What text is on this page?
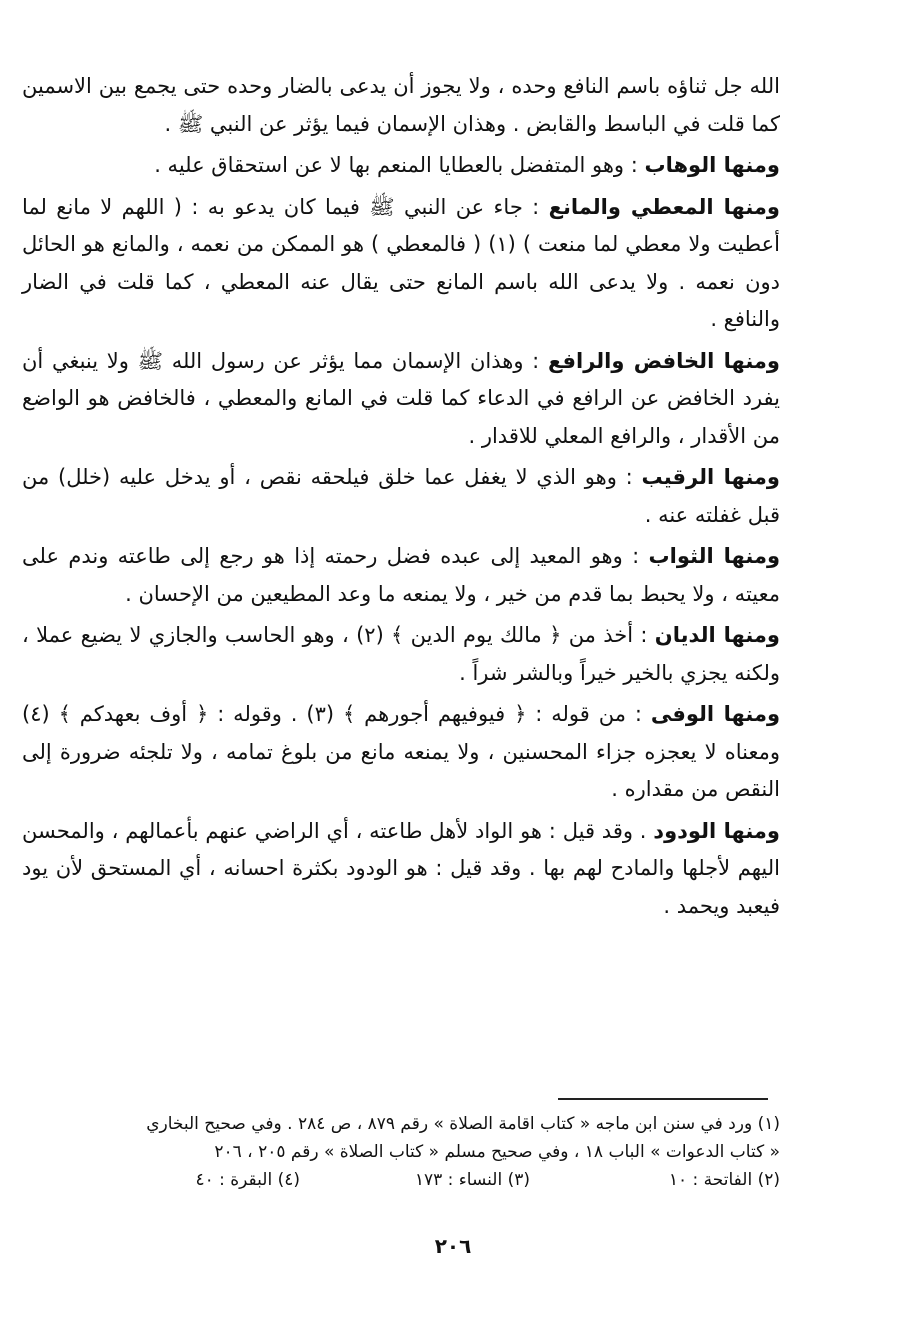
الله جل ثناؤه باسم النافع وحده ، ولا يجوز أن يدعى بالضار وحده حتى يجمع بين الاسمين كما قلت في الباسط والقابض . وهذان الإسمان فيما يؤثر عن النبي ﷺ .

ومنها الوهاب : وهو المتفضل بالعطايا المنعم بها لا عن استحقاق عليه .

ومنها المعطي والمانع : جاء عن النبي ﷺ فيما كان يدعو به : ( اللهم لا مانع لما أعطيت ولا معطي لما منعت ) (١) ( فالمعطي ) هو الممكن من نعمه ، والمانع هو الحائل دون نعمه . ولا يدعى الله باسم المانع حتى يقال عنه المعطي ، كما قلت في الضار والنافع .

ومنها الخافض والرافع : وهذان الإسمان مما يؤثر عن رسول الله ﷺ ولا ينبغي أن يفرد الخافض عن الرافع في الدعاء كما قلت في المانع والمعطي ، فالخافض هو الواضع من الأقدار ، والرافع المعلي للاقدار .

ومنها الرقيب : وهو الذي لا يغفل عما خلق فيلحقه نقص ، أو يدخل عليه (خلل) من قبل غفلته عنه .

ومنها الثواب : وهو المعيد إلى عبده فضل رحمته إذا هو رجع إلى طاعته وندم على معيته ، ولا يحبط بما قدم من خير ، ولا يمنعه ما وعد المطيعين من الإحسان .

ومنها الديان : أخذ من ﴿ مالك يوم الدين ﴾ (٢) ، وهو الحاسب والجازي لا يضيع عملا ، ولكنه يجزي بالخير خيراً وبالشر شراً .

ومنها الوفى : من قوله : ﴿ فيوفيهم أجورهم ﴾ (٣) . وقوله : ﴿ أوف بعهدكم ﴾ (٤) ومعناه لا يعجزه جزاء المحسنين ، ولا يمنعه مانع من بلوغ تمامه ، ولا تلجئه ضرورة إلى النقص من مقداره .

ومنها الودود . وقد قيل : هو الواد لأهل طاعته ، أي الراضي عنهم بأعمالهم ، والمحسن اليهم لأجلها والمادح لهم بها . وقد قيل : هو الودود بكثرة احسانه ، أي المستحق لأن يود فيعبد ويحمد .

(١) ورد في سنن ابن ماجه « كتاب اقامة الصلاة » رقم ٨٧٩ ، ص ٢٨٤ . وفي صحيح البخاري

« كتاب الدعوات » الباب ١٨ ، وفي صحيح مسلم « كتاب الصلاة » رقم ٢٠٥ ، ٢٠٦

(٢) الفاتحة : ١٠
(٣) النساء : ١٧٣
(٤) البقرة : ٤٠
٢٠٦
